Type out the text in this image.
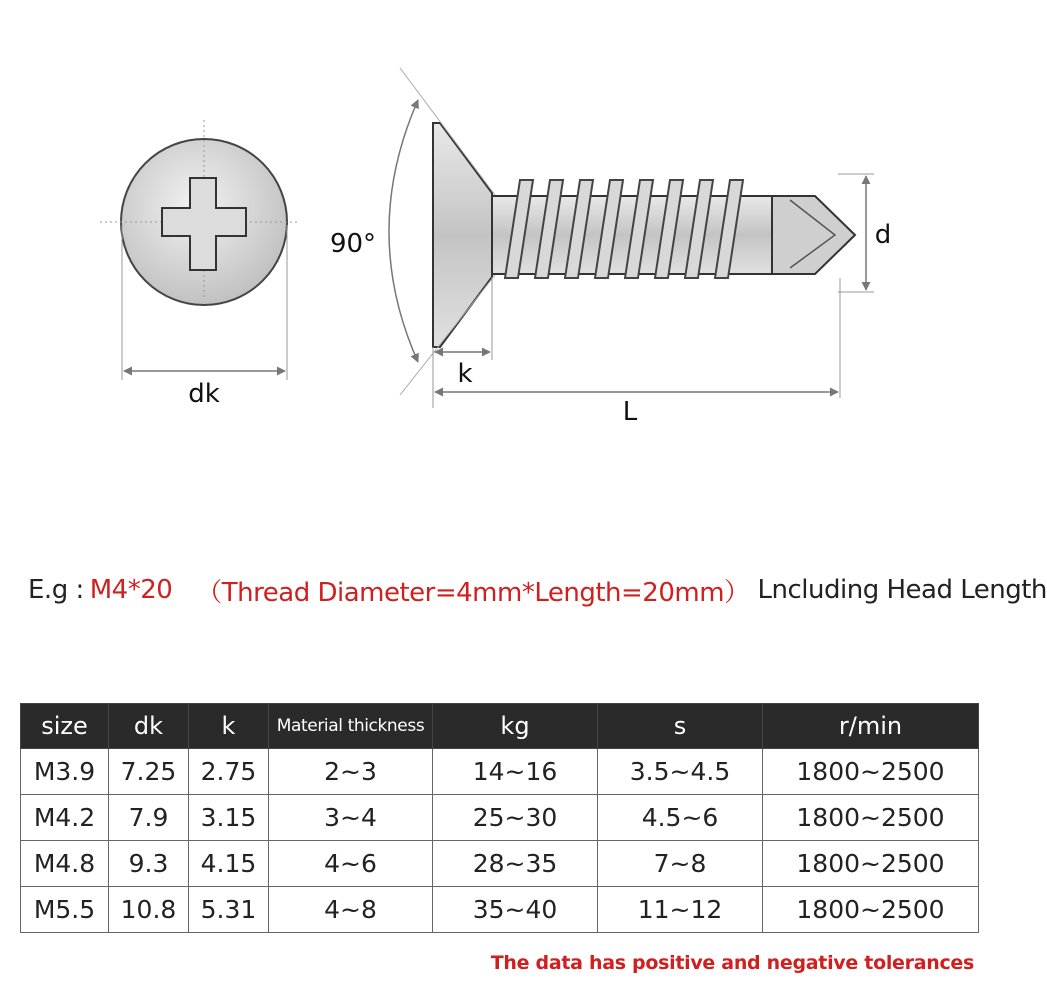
dk
90°
k
L
d
E.g : M4*20 （Thread Diameter=4mm*Length=20mm） Lncluding Head Length
size	dk	k	Material thickness	kg	s	r/min
M3.9	7.25	2.75	2~3	14~16	3.5~4.5	1800~2500
M4.2	7.9	3.15	3~4	25~30	4.5~6	1800~2500
M4.8	9.3	4.15	4~6	28~35	7~8	1800~2500
M5.5	10.8	5.31	4~8	35~40	11~12	1800~2500
The data has positive and negative tolerances
